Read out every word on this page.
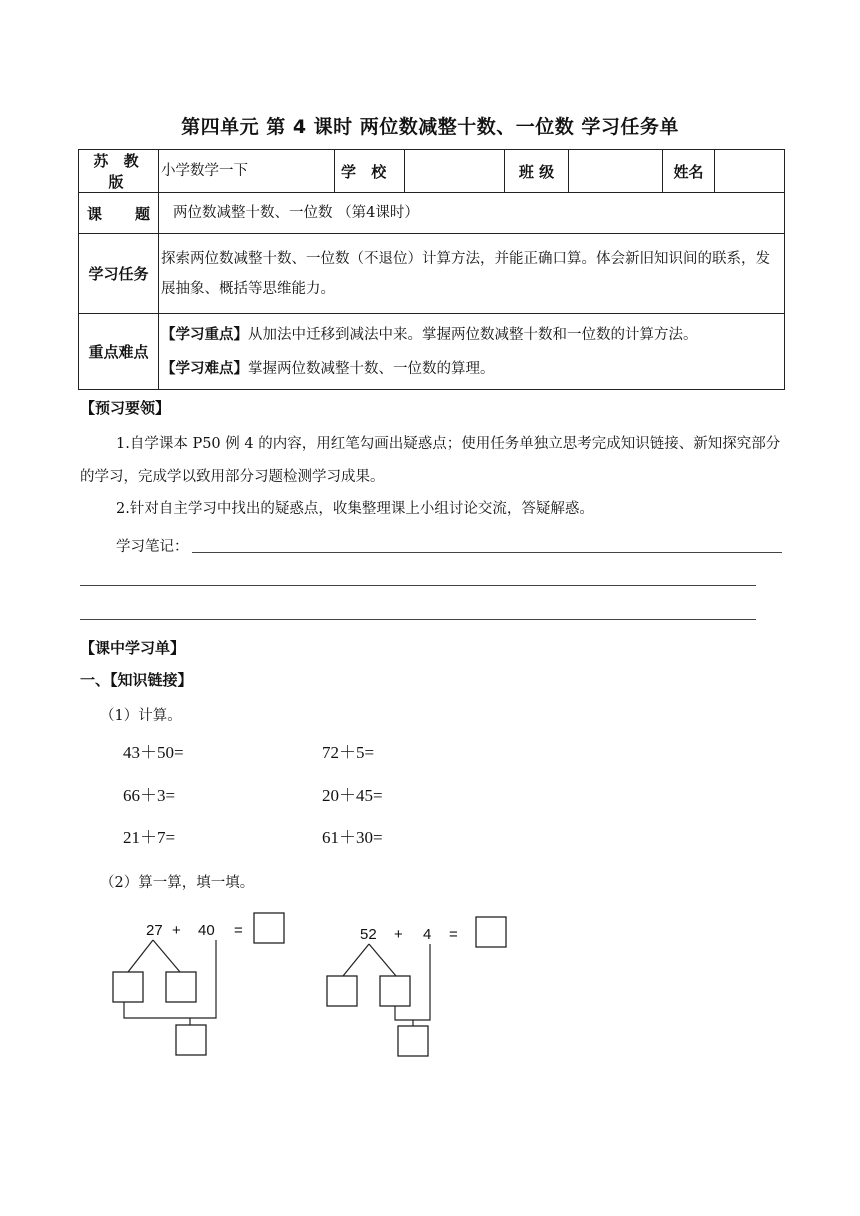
第四单元 第 4 课时 两位数减整十数、一位数 学习任务单
苏 教 版	小学数学一下	学 校		班 级		姓名	
课 题	两位数减整十数、一位数 （第4课时）						
学习任务	探索两位数减整十数、一位数（不退位）计算方法，并能正确口算。体会新旧知识间的联系，发展抽象、概括等思维能力。						
重点难点	【学习重点】从加法中迁移到减法中来。掌握两位数减整十数和一位数的计算方法。
【学习难点】掌握两位数减整十数、一位数的算理。						
【预习要领】
1.自学课本 P50 例 4 的内容，用红笔勾画出疑惑点；使用任务单独立思考完成知识链接、新知探究部分的学习，完成学以致用部分习题检测学习成果。
2.针对自主学习中找出的疑惑点，收集整理课上小组讨论交流，答疑解惑。
学习笔记：
【课中学习单】
一、【知识链接】
（1）计算。
43＋50=	72＋5=
66＋3=	20＋45=
21＋7=	61＋30=
（2）算一算，填一填。
27 + 40 =	52 + 4 =
